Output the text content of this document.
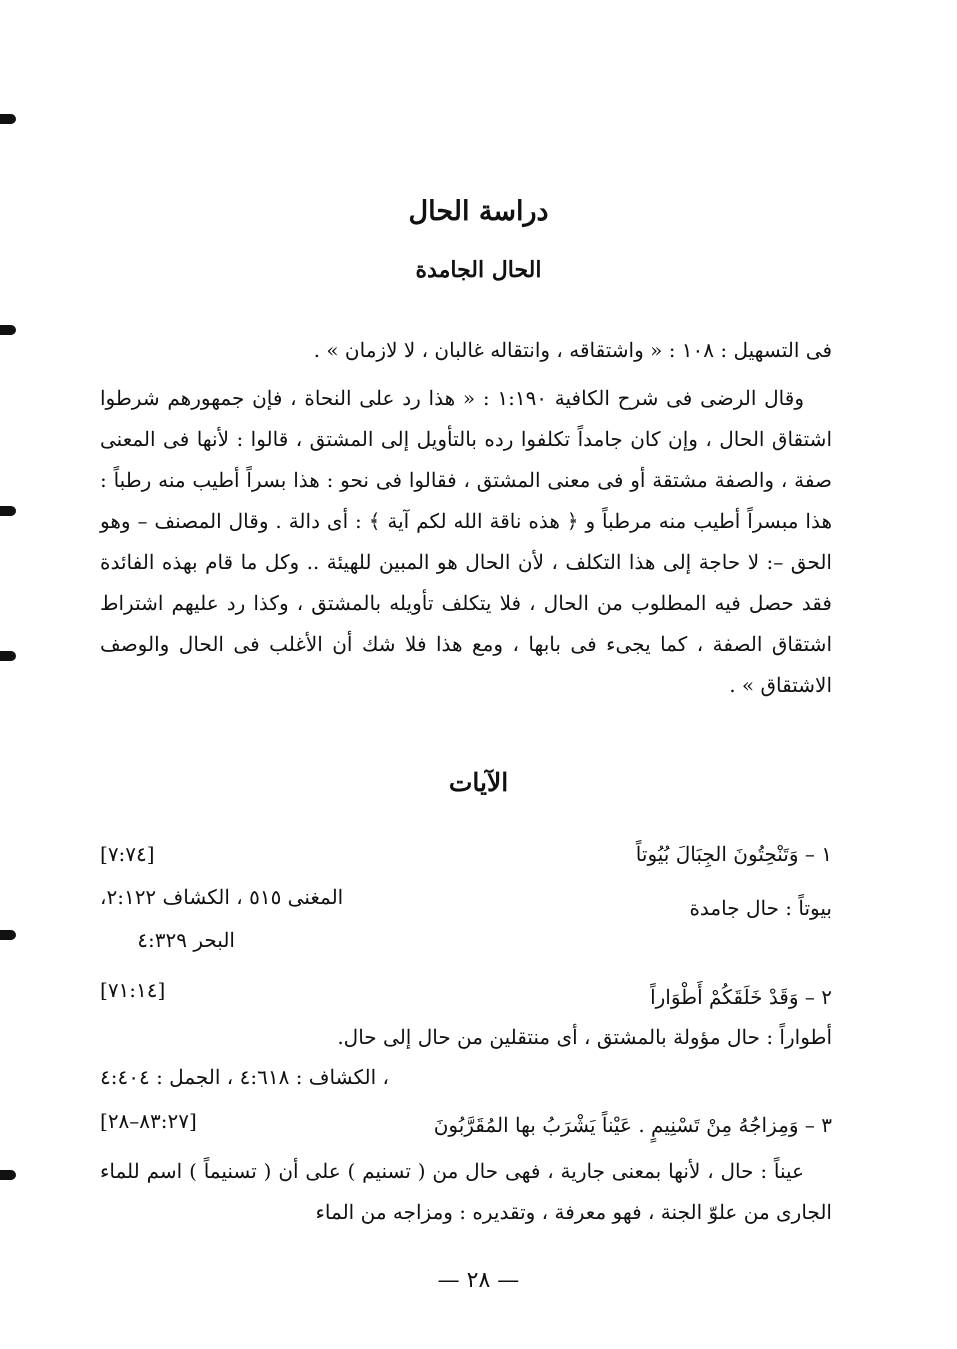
دراسة الحال
الحال الجامدة
فى التسهيل : ١٠٨ : « واشتقاقه ، وانتقاله غالبان ، لا لازمان » .
وقال الرضى فى شرح الكافية ١:١٩٠ : « هذا رد على النحاة ، فإن جمهورهم شرطوا اشتقاق الحال ، وإن كان جامداً تكلفوا رده بالتأويل إلى المشتق ، قالوا : لأنها فى المعنى صفة ، والصفة مشتقة أو فى معنى المشتق ، فقالوا فى نحو : هذا بسراً أطيب منه رطباً : هذا مبسراً أطيب منه مرطباً و ﴿ هذه ناقة الله لكم آية ﴾ : أى دالة . وقال المصنف – وهو الحق –: لا حاجة إلى هذا التكلف ، لأن الحال هو المبين للهيئة .. وكل ما قام بهذه الفائدة فقد حصل فيه المطلوب من الحال ، فلا يتكلف تأويله بالمشتق ، وكذا رد عليهم اشتراط اشتقاق الصفة ، كما يجىء فى بابها ، ومع هذا فلا شك أن الأغلب فى الحال والوصف الاشتقاق » .
الآيات
١ – وَتَنْحِتُونَ الجِبَالَ بُيُوتاً
[٧:٧٤]
بيوتاً : حال جامدة
المغنى ٥١٥ ، الكشاف ٢:١٢٢،
البحر ٤:٣٢٩
٢ – وَقَدْ خَلَقَكُمْ أَطْوَاراً
[٧١:١٤]
أطواراً : حال مؤولة بالمشتق ، أى منتقلين من حال إلى حال.
، الكشاف : ٤:٦١٨ ، الجمل : ٤:٤٠٤
٣ – وَمِزاجُهُ مِنْ تَسْنِيمٍ . عَيْناً يَشْرَبُ بها المُقَرَّبُونَ
[٨٣:٢٧–٢٨]
عيناً : حال ، لأنها بمعنى جارية ، فهى حال من ( تسنيم ) على أن ( تسنيماً ) اسم للماء الجارى من علوّ الجنة ، فهو معرفة ، وتقديره : ومزاجه من الماء
— ٢٨ —
